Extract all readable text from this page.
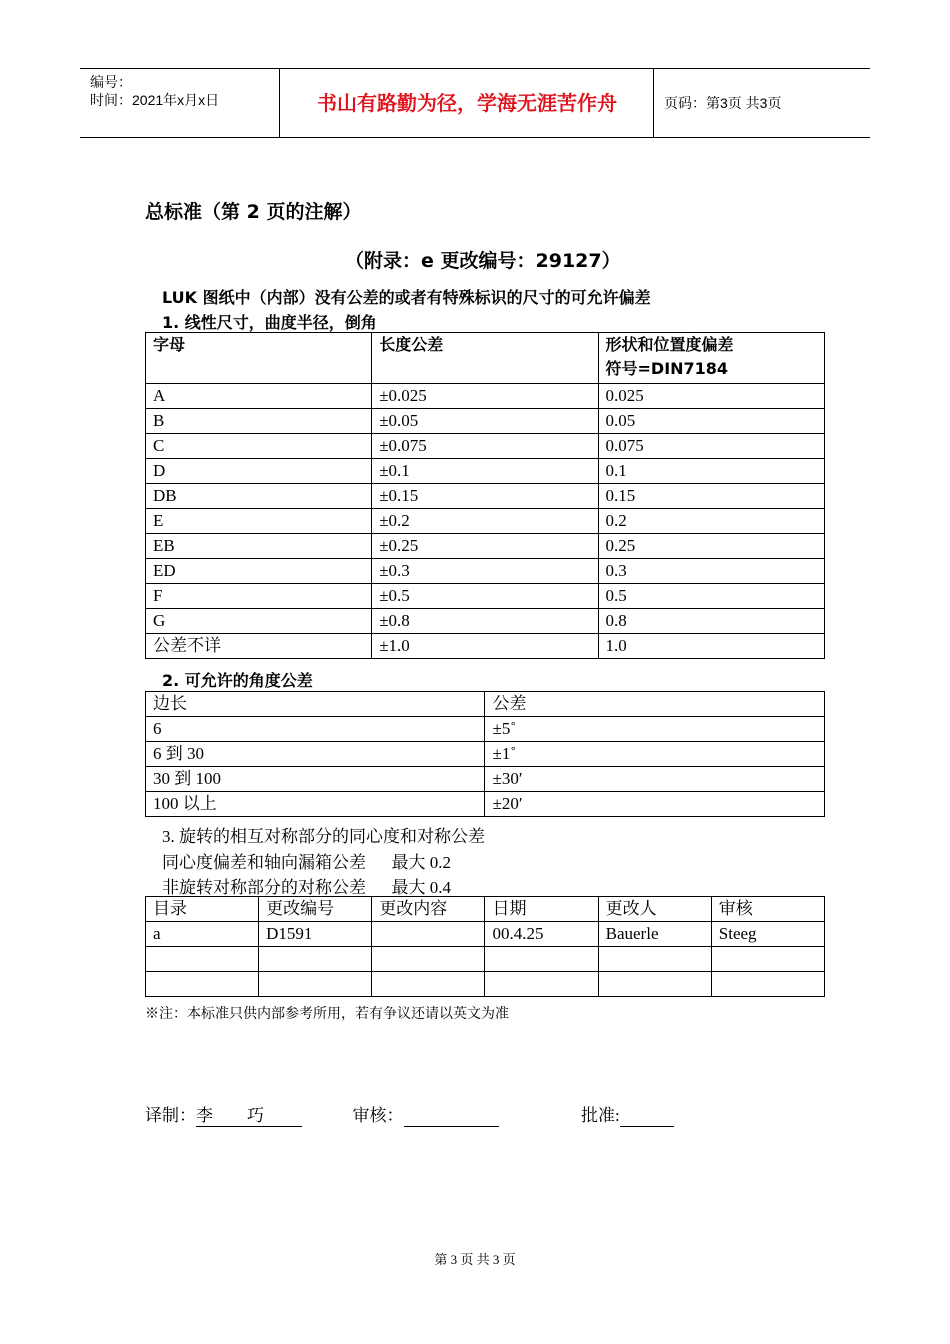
编号：
时间：2021年x月x日	书山有路勤为径，学海无涯苦作舟	页码：第3页 共3页
总标准（第 2 页的注解）
（附录：e 更改编号：29127）
LUK 图纸中（内部）没有公差的或者有特殊标识的尺寸的可允许偏差
1. 线性尺寸，曲度半径，倒角
字母	长度公差	形状和位置度偏差
符号=DIN7184
A	±0.025	0.025
B	±0.05	0.05
C	±0.075	0.075
D	±0.1	0.1
DB	±0.15	0.15
E	±0.2	0.2
EB	±0.25	0.25
ED	±0.3	0.3
F	±0.5	0.5
G	±0.8	0.8
公差不详	±1.0	1.0
2. 可允许的角度公差
边长	公差
6	±5˚
6 到 30	±1˚
30 到 100	±30′
100 以上	±20′
3. 旋转的相互对称部分的同心度和对称公差
同心度偏差和轴向漏箱公差      最大 0.2
非旋转对称部分的对称公差      最大 0.4
目录	更改编号	更改内容	日期	更改人	审核
a	D1591		00.4.25	Bauerle	Steeg

※注：本标准只供内部参考所用，若有争议还请以英文为准
译制：李        巧	审核：	批准:
第 3 页 共 3 页
